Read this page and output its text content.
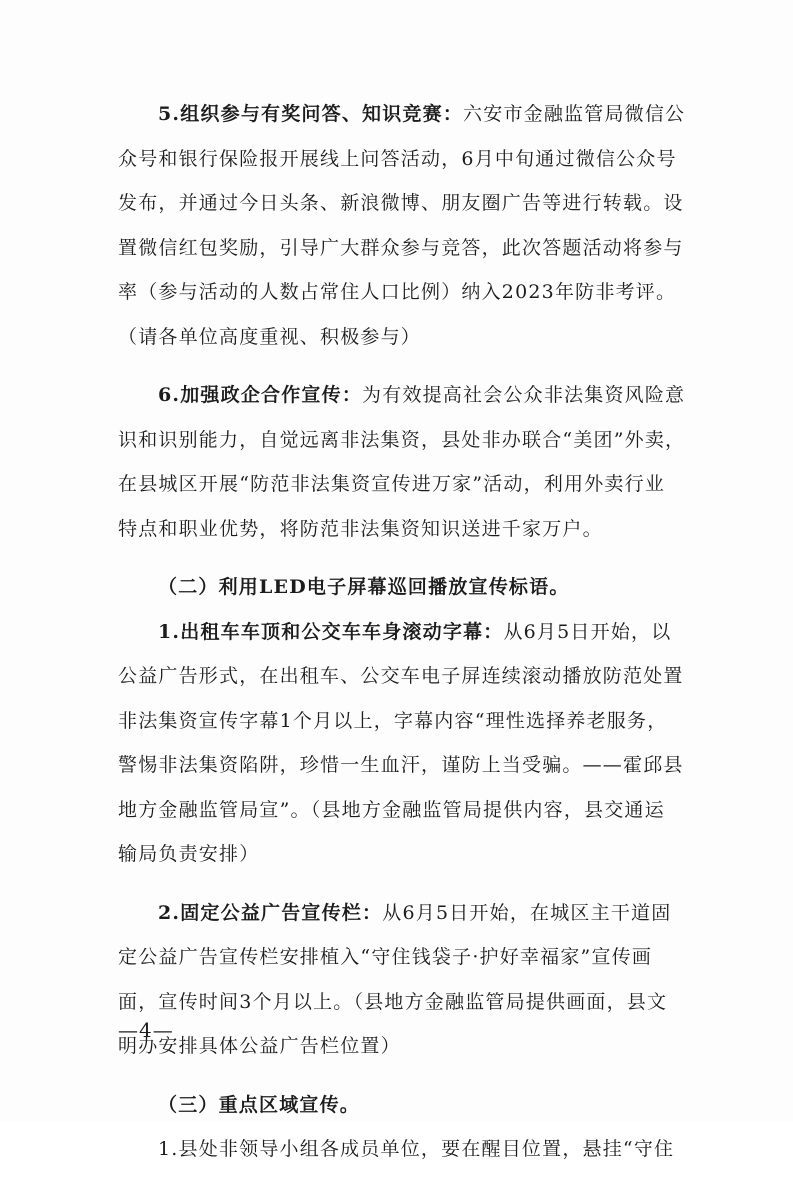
5.组织参与有奖问答、知识竞赛：六安市金融监管局微信公
众号和银行保险报开展线上问答活动，6月中旬通过微信公众号
发布，并通过今日头条、新浪微博、朋友圈广告等进行转载。设
置微信红包奖励，引导广大群众参与竞答，此次答题活动将参与
率（参与活动的人数占常住人口比例）纳入2023年防非考评。
（请各单位高度重视、积极参与）
6.加强政企合作宣传：为有效提高社会公众非法集资风险意
识和识别能力，自觉远离非法集资，县处非办联合“美团”外卖，
在县城区开展“防范非法集资宣传进万家”活动，利用外卖行业
特点和职业优势，将防范非法集资知识送进千家万户。
（二）利用LED电子屏幕巡回播放宣传标语。
1.出租车车顶和公交车车身滚动字幕：从6月5日开始，以
公益广告形式，在出租车、公交车电子屏连续滚动播放防范处置
非法集资宣传字幕1个月以上，字幕内容“理性选择养老服务，
警惕非法集资陷阱，珍惜一生血汗，谨防上当受骗。——霍邱县
地方金融监管局宣”。（县地方金融监管局提供内容，县交通运
输局负责安排）
2.固定公益广告宣传栏：从6月5日开始，在城区主干道固
定公益广告宣传栏安排植入“守住钱袋子·护好幸福家”宣传画
面，宣传时间3个月以上。（县地方金融监管局提供画面，县文
明办安排具体公益广告栏位置）
（三）重点区域宣传。
1.县处非领导小组各成员单位，要在醒目位置，悬挂“守住
—4—
